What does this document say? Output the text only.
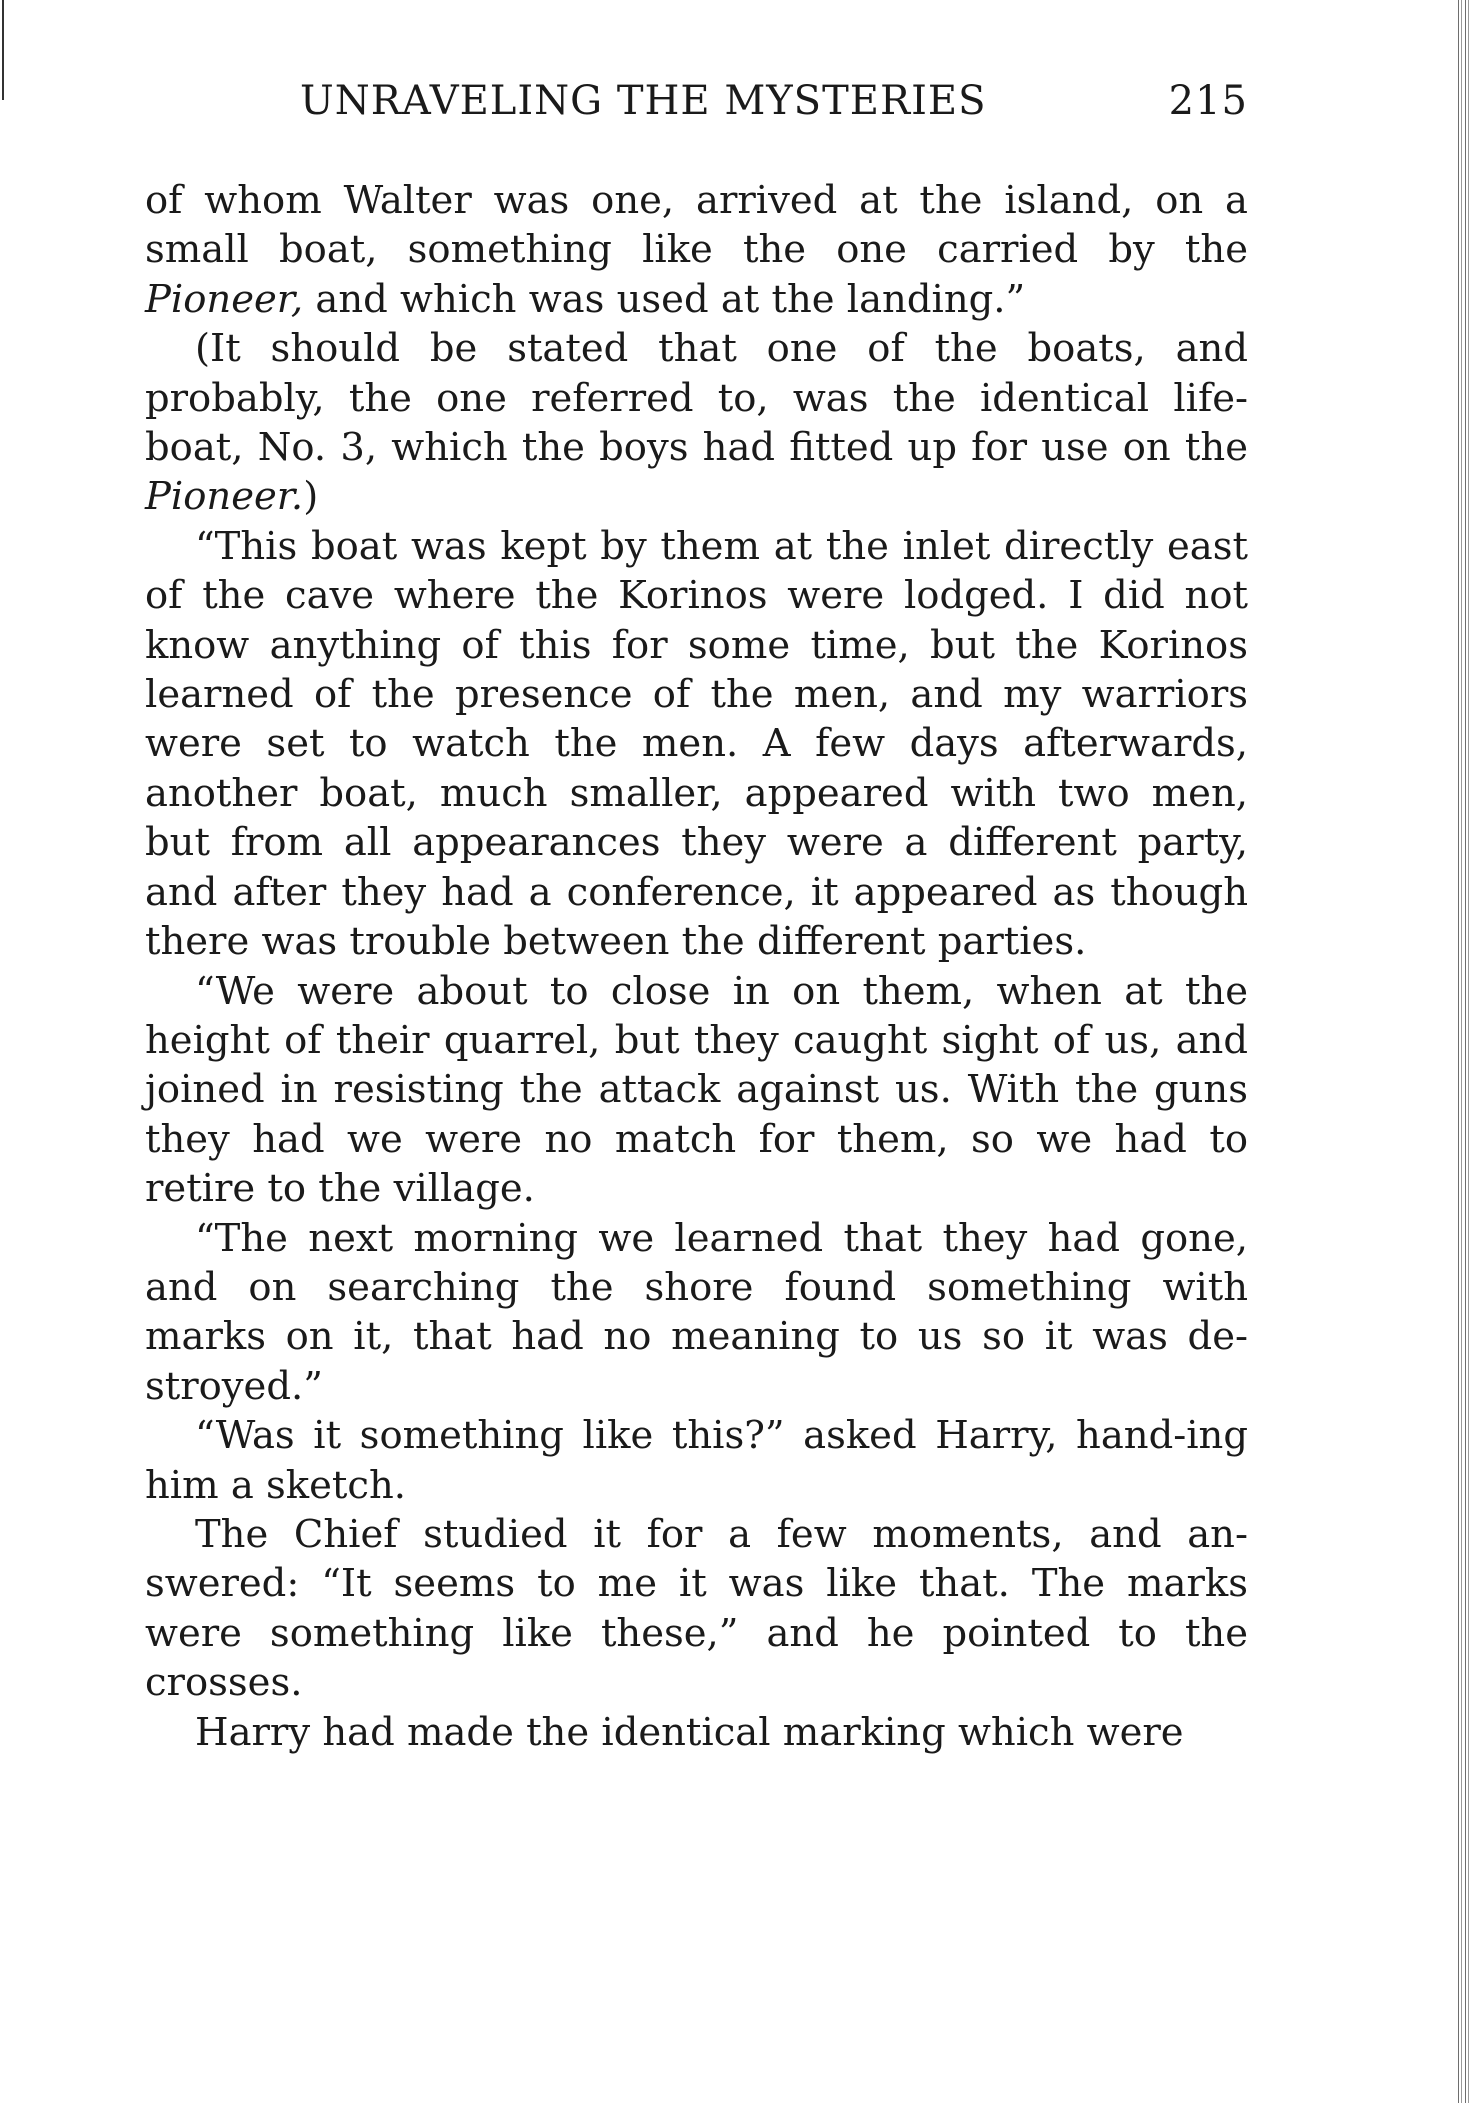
UNRAVELING THE MYSTERIES	215

of whom Walter was one, arrived at the island, on a small boat, something like the one carried by the Pioneer, and which was used at the landing.”

(It should be stated that one of the boats, and probably, the one referred to, was the identical life-boat, No. 3, which the boys had fitted up for use on the Pioneer.)

“This boat was kept by them at the inlet directly east of the cave where the Korinos were lodged. I did not know anything of this for some time, but the Korinos learned of the presence of the men, and my warriors were set to watch the men. A few days afterwards, another boat, much smaller, appeared with two men, but from all appearances they were a different party, and after they had a conference, it appeared as though there was trouble between the different parties.

“We were about to close in on them, when at the height of their quarrel, but they caught sight of us, and joined in resisting the attack against us. With the guns they had we were no match for them, so we had to retire to the village.

“The next morning we learned that they had gone, and on searching the shore found something with marks on it, that had no meaning to us so it was de-stroyed.”

“Was it something like this?” asked Harry, hand-ing him a sketch.

The Chief studied it for a few moments, and an-swered: “It seems to me it was like that. The marks were something like these,” and he pointed to the crosses.

Harry had made the identical marking which were
